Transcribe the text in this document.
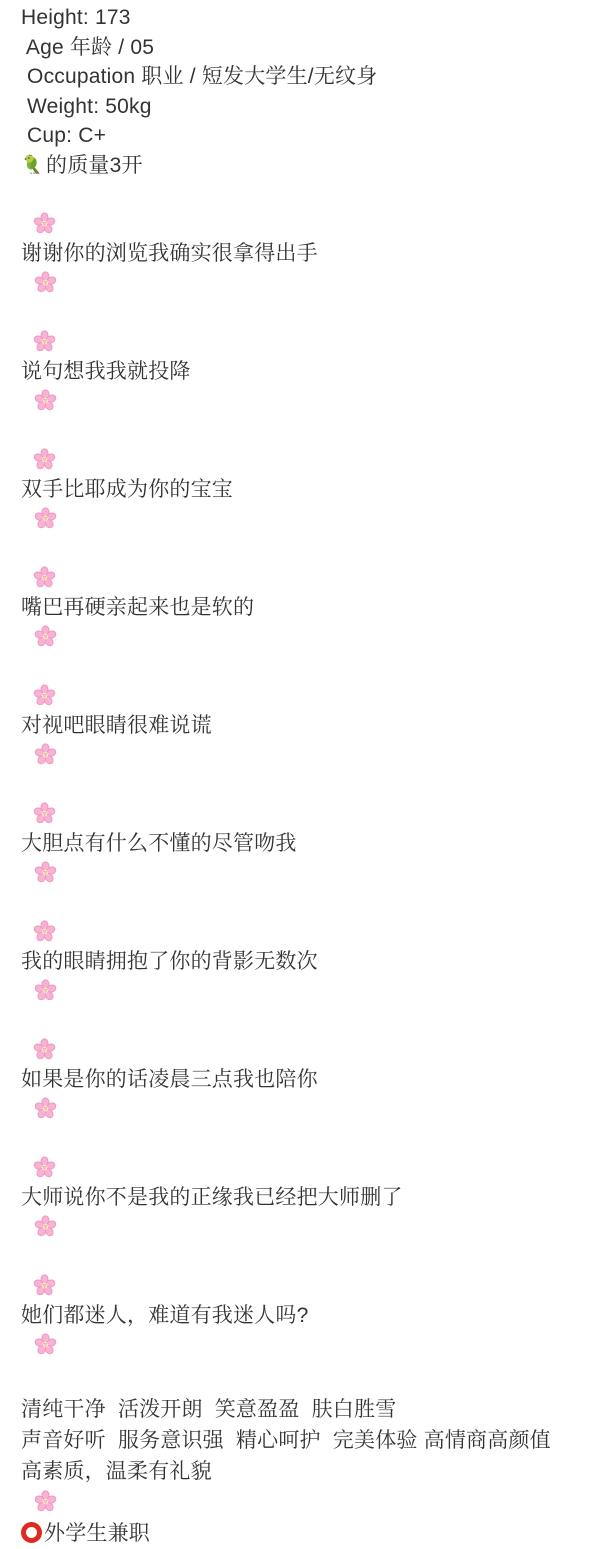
Height: 173
Age 年龄 / 05
Occupation 职业 / 短发大学生/无纹身
Weight: 50kg
Cup: C+
的质量3开

谢谢你的浏览我确实很拿得出手

说句想我我就投降

双手比耶成为你的宝宝

嘴巴再硬亲起来也是软的

对视吧眼睛很难说谎

大胆点有什么不懂的尽管吻我

我的眼睛拥抱了你的背影无数次

如果是你的话凌晨三点我也陪你

大师说你不是我的正缘我已经把大师删了

她们都迷人，难道有我迷人吗?

清纯干净  活泼开朗  笑意盈盈  肤白胜雪
声音好听  服务意识强  精心呵护  完美体验 高情商高颜值
高素质，温柔有礼貌

外学生兼职
